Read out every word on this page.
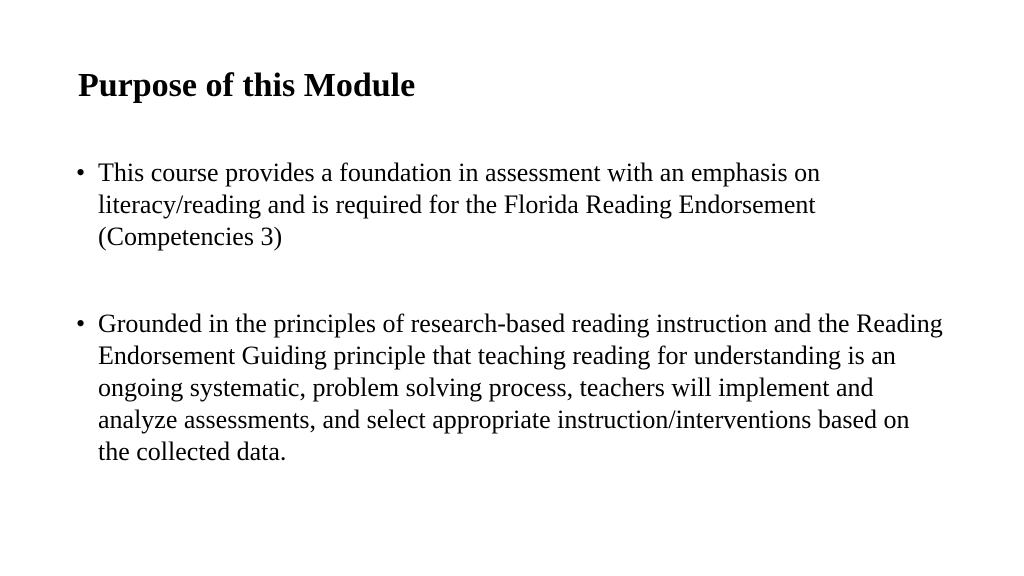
Purpose of this Module
• This course provides a foundation in assessment with an emphasis on literacy/reading and is required for the Florida Reading Endorsement (Competencies 3)
• Grounded in the principles of research-based reading instruction and the Reading Endorsement Guiding principle that teaching reading for understanding is an ongoing systematic, problem solving process, teachers will implement and analyze assessments, and select appropriate instruction/interventions based on the collected data.
